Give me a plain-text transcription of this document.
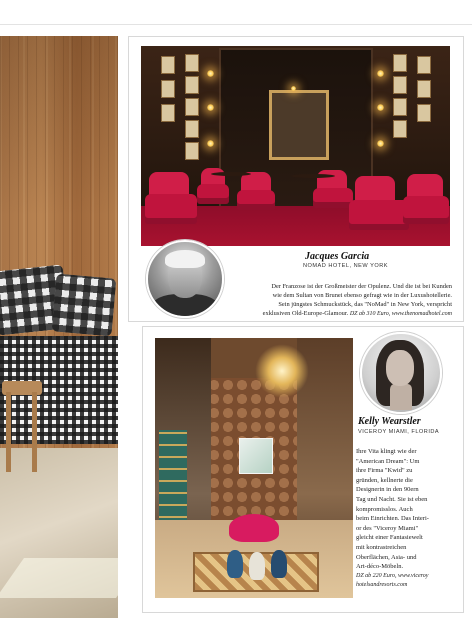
Jacques Garcia
NOMAD HOTEL, NEW YORK
Der Franzose ist der Großmeister der Opulenz. Und die ist bei Kunden
wie dem Sultan von Brunei ebenso gefragt wie in der Luxushotellerie.
Sein jüngstes Schmuckstück, das "NoMad" in New York, verspricht
exklusiven Old-Europe-Glamour. DZ ab 310 Euro, www.thenomadhotel.com
Kelly Wearstler
VICEROY MIAMI, FLORIDA
Ihre Vita klingt wie der
"American Dream": Um
ihre Firma "Kwid" zu
gründen, kellnerte die
Designerin in den 90ern
Tag und Nacht. Sie ist eben
kompromisslos. Auch
beim Einrichten. Das Interi-
or des "Viceroy Miami"
gleicht einer Fantasiewelt
mit kontrastreichen
Oberflächen, Asia- und
Art-déco-Möbeln.
DZ ab 220 Euro, www.viceroy
hotelsandresorts.com
